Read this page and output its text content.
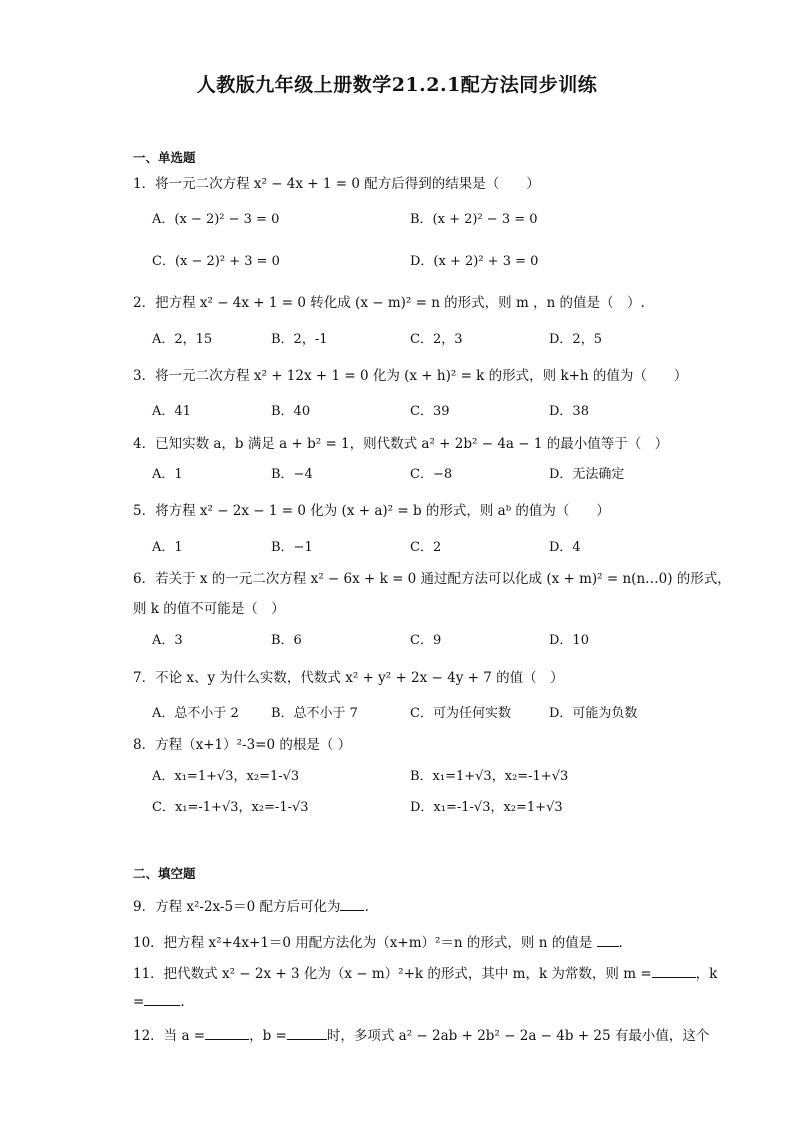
人教版九年级上册数学21.2.1配方法同步训练
一、单选题
1．将一元二次方程 x² − 4x + 1 = 0 配方后得到的结果是（　　）
A．(x − 2)² − 3 = 0	B．(x + 2)² − 3 = 0
C．(x − 2)² + 3 = 0	D．(x + 2)² + 3 = 0
2．把方程 x² − 4x + 1 = 0 转化成 (x − m)² = n 的形式，则 m ，n 的值是（　）.
A．2，15	B．2，-1	C．2，3	D．2，5
3．将一元二次方程 x² + 12x + 1 = 0 化为 (x + h)² = k 的形式，则 k+h 的值为（　　）
A．41	B．40	C．39	D．38
4．已知实数 a，b 满足 a + b² = 1，则代数式 a² + 2b² − 4a − 1 的最小值等于（　）
A．1	B．−4	C．−8	D．无法确定
5．将方程 x² − 2x − 1 = 0 化为 (x + a)² = b 的形式，则 aᵇ 的值为（　　）
A．1	B．−1	C．2	D．4
6．若关于 x 的一元二次方程 x² − 6x + k = 0 通过配方法可以化成 (x + m)² = n(n…0) 的形式，
则 k 的值不可能是（　）
A．3	B．6	C．9	D．10
7．不论 x、y 为什么实数，代数式 x² + y² + 2x − 4y + 7 的值（　）
A．总不小于 2 B．总不小于 7	C．可为任何实数	D．可能为负数
8．方程（x+1）²-3=0 的根是（ ）
A．x₁=1+√3，x₂=1-√3	B．x₁=1+√3，x₂=-1+√3
C．x₁=-1+√3，x₂=-1-√3	D．x₁=-1-√3，x₂=1+√3
二、填空题
9．方程 x²-2x-5＝0 配方后可化为 .
10．把方程 x²+4x+1＝0 用配方法化为（x+m）²＝n 的形式，则 n 的值是 .
11．把代数式 x² − 2x + 3 化为（x − m）²+k 的形式，其中 m，k 为常数，则 m =	，k
=	.
12．当 a =	，b =	时，多项式 a² − 2ab + 2b² − 2a − 4b + 25 有最小值，这个
